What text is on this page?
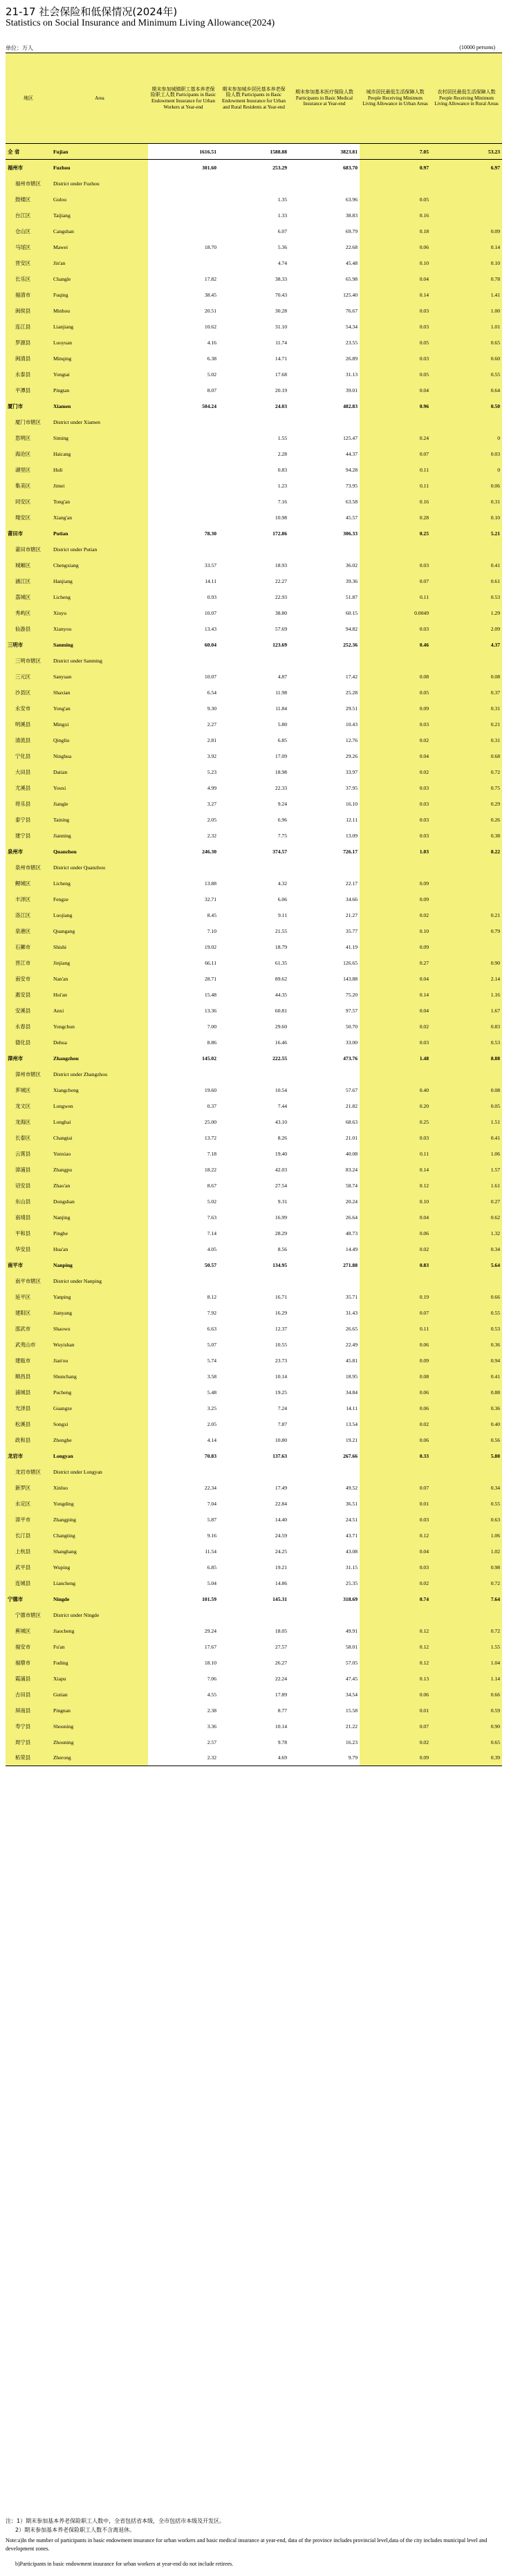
21-17 社会保险和低保情况(2024年)
Statistics on Social Insurance and Minimum Living Allowance(2024)
单位：万人	(10000 persons)
地区	Area	期末参加城镇职工基本养老保险职工人数 Participants in Basic Endowment Insurance for Urban Workers at Year-end	期末参加城乡居民基本养老保险人数 Participants in Basic Endowment Insurance for Urban and Rural Residents at Year-end	期末参加基本医疗保险人数 Participants in Basic Medical Insurance at Year-end	城市居民最低生活保障人数 People Receiving Minimum Living Allowance in Urban Areas	农村居民最低生活保障人数 People Receiving Minimum Living Allowance in Rural Areas
全 省	Fujian	1616.51	1588.88	3823.81	7.05	53.23
福州市	Fuzhou	301.60	253.29	683.70	0.97	6.97
福州市辖区	District under Fuzhou					
鼓楼区	Gulou		1.35	63.96	0.05	
台江区	Taijiang		1.33	38.83	0.16	
仓山区	Cangshan		6.07	69.79	0.18	0.09
马尾区	Mawei	18.70	5.36	22.68	0.06	0.14
晋安区	Jin'an		4.74	45.48	0.10	0.10
长乐区	Changle	17.82	38.33	65.98	0.04	0.78
福清市	Fuqing	38.45	70.43	125.40	0.14	1.41
闽侯县	Minhou	20.51	30.28	76.67	0.03	1.00
连江县	Lianjiang	10.62	31.10	54.34	0.03	1.01
罗源县	Luoyuan	4.16	11.74	23.55	0.05	0.65
闽清县	Minqing	6.38	14.71	26.89	0.03	0.60
永泰县	Yongtai	5.02	17.68	31.13	0.05	0.55
平潭县	Pingtan	8.07	20.19	39.01	0.04	0.64
厦门市	Xiamen	504.24	24.03	482.83	0.96	0.50
厦门市辖区	District under Xiamen					
思明区	Siming		1.55	125.47	0.24	0
海沧区	Haicang		2.28	44.37	0.07	0.03
湖里区	Huli		0.83	94.28	0.11	0
集美区	Jimei		1.23	73.95	0.11	0.06
同安区	Tong'an		7.16	63.58	0.16	0.31
翔安区	Xiang'an		10.98	45.57	0.28	0.10
莆田市	Putian	78.30	172.86	306.33	0.25	5.21
莆田市辖区	District under Putian					
城厢区	Chengxiang	33.57	18.93	36.02	0.03	0.41
涵江区	Hanjiang	14.11	22.27	39.36	0.07	0.61
荔城区	Licheng	0.93	22.93	51.87	0.11	0.53
秀屿区	Xiuyu	10.07	38.80	60.15	0.0049	1.29
仙游县	Xianyou	13.43	57.69	94.82	0.03	2.09
三明市	Sanming	60.04	123.69	252.36	0.46	4.37
三明市辖区	District under Sanming					
三元区	Sanyuan	10.07	4.87	17.42	0.08	0.08
沙县区	Shaxian	6.54	11.98	25.28	0.05	0.37
永安市	Yong'an	9.30	11.84	29.51	0.09	0.31
明溪县	Mingxi	2.27	5.80	10.43	0.03	0.21
清流县	Qingliu	2.81	6.85	12.76	0.02	0.31
宁化县	Ninghua	3.92	17.09	29.26	0.04	0.68
大田县	Datian	5.23	18.98	33.97	0.02	0.72
尤溪县	Youxi	4.99	22.33	37.95	0.03	0.75
将乐县	Jiangle	3.27	9.24	16.10	0.03	0.29
泰宁县	Taining	2.05	6.96	12.11	0.03	0.26
建宁县	Jianning	2.32	7.75	13.09	0.03	0.38
泉州市	Quanzhou	246.30	374.57	726.17	1.03	8.22
泉州市辖区	District under Quanzhou					
鲤城区	Licheng	13.88	4.32	22.17	0.09	
丰泽区	Fengze	32.71	6.06	34.66	0.09	
洛江区	Luojiang	8.45	9.11	21.27	0.02	0.21
泉港区	Quangang	7.10	21.55	35.77	0.10	0.79
石狮市	Shishi	19.02	18.79	41.19	0.09	
晋江市	Jinjiang	66.11	61.35	126.65	0.27	0.90
南安市	Nan'an	28.71	89.62	143.88	0.04	2.14
惠安县	Hui'an	15.48	44.35	75.20	0.14	1.16
安溪县	Anxi	13.36	60.81	97.57	0.04	1.67
永春县	Yongchun	7.00	29.60	50.70	0.02	0.83
德化县	Dehua	8.86	16.46	33.00	0.03	0.53
漳州市	Zhangzhou	145.02	222.55	473.76	1.48	8.88
漳州市辖区	District under Zhangzhou					
芗城区	Xiangcheng	19.60	10.54	57.67	0.40	0.08
龙文区	Longwen	0.37	7.44	21.82	0.20	0.05
龙海区	Longhai	25.00	43.10	68.63	0.25	1.51
长泰区	Changtai	13.72	8.26	21.01	0.03	0.41
云霄县	Yunxiao	7.18	19.40	40.08	0.11	1.06
漳浦县	Zhangpu	18.22	42.03	83.24	0.14	1.57
诏安县	Zhao'an	8.67	27.54	58.74	0.12	1.61
东山县	Dongshan	5.02	9.31	20.24	0.10	0.27
南靖县	Nanjing	7.63	16.99	26.64	0.04	0.62
平和县	Pinghe	7.14	28.29	48.73	0.06	1.32
华安县	Hua'an	4.05	8.56	14.49	0.02	0.34
南平市	Nanping	50.57	134.95	271.88	0.83	5.64
南平市辖区	District under Nanping					
延平区	Yanping	8.12	16.71	35.71	0.19	0.66
建阳区	Jianyang	7.92	16.29	31.43	0.07	0.55
邵武市	Shaowu	6.63	12.37	26.65	0.11	0.53
武夷山市	Wuyishan	5.07	10.55	22.49	0.06	0.36
建瓯市	Jian'ou	5.74	23.73	45.81	0.09	0.94
顺昌县	Shunchang	3.58	10.14	18.95	0.08	0.41
浦城县	Pucheng	5.48	19.25	34.84	0.06	0.88
光泽县	Guangze	3.25	7.24	14.11	0.06	0.36
松溪县	Songxi	2.05	7.87	13.54	0.02	0.40
政和县	Zhenghe	4.14	10.80	19.21	0.06	0.56
龙岩市	Longyan	70.83	137.63	267.66	0.33	5.80
龙岩市辖区	District under Longyan					
新罗区	Xinluo	22.34	17.49	49.52	0.07	0.34
永定区	Yongding	7.04	22.84	36.51	0.01	0.55
漳平市	Zhangping	5.87	14.40	24.51	0.03	0.63
长汀县	Changting	9.16	24.59	43.71	0.12	1.06
上杭县	Shanghang	11.54	24.25	43.08	0.04	1.02
武平县	Wuping	6.85	19.21	31.15	0.03	0.98
连城县	Liancheng	5.04	14.86	25.35	0.02	0.72
宁德市	Ningde	101.59	145.31	318.69	0.74	7.64
宁德市辖区	District under Ningde					
蕉城区	Jiaocheng	29.24	18.05	49.91	0.12	0.72
福安市	Fu'an	17.67	27.57	58.01	0.12	1.55
福鼎市	Fuding	18.10	26.27	57.05	0.12	1.04
霞浦县	Xiapu	7.06	22.24	47.45	0.13	1.14
古田县	Gutian	4.55	17.89	34.54	0.06	0.66
屏南县	Pingnan	2.38	8.77	15.58	0.01	0.59
寿宁县	Shouning	3.36	10.14	21.22	0.07	0.90
周宁县	Zhouning	2.57	9.78	16.23	0.02	0.65
柘荣县	Zherong	2.32	4.69	9.79	0.09	0.39
注：1）期末参加基本养老保险职工人数中，全省包括省本级，全市包括市本级及开发区。
2）期末参加基本养老保险职工人数不含离退休。
Note:a)In the number of participants in basic endowment insurance for urban workers and basic medical insurance at year-end, data of the province includes provincial level,data of the city includes municipal level and development zones.
b)Participants in basic endowment insurance for urban workers at year-end do not include retirees.
